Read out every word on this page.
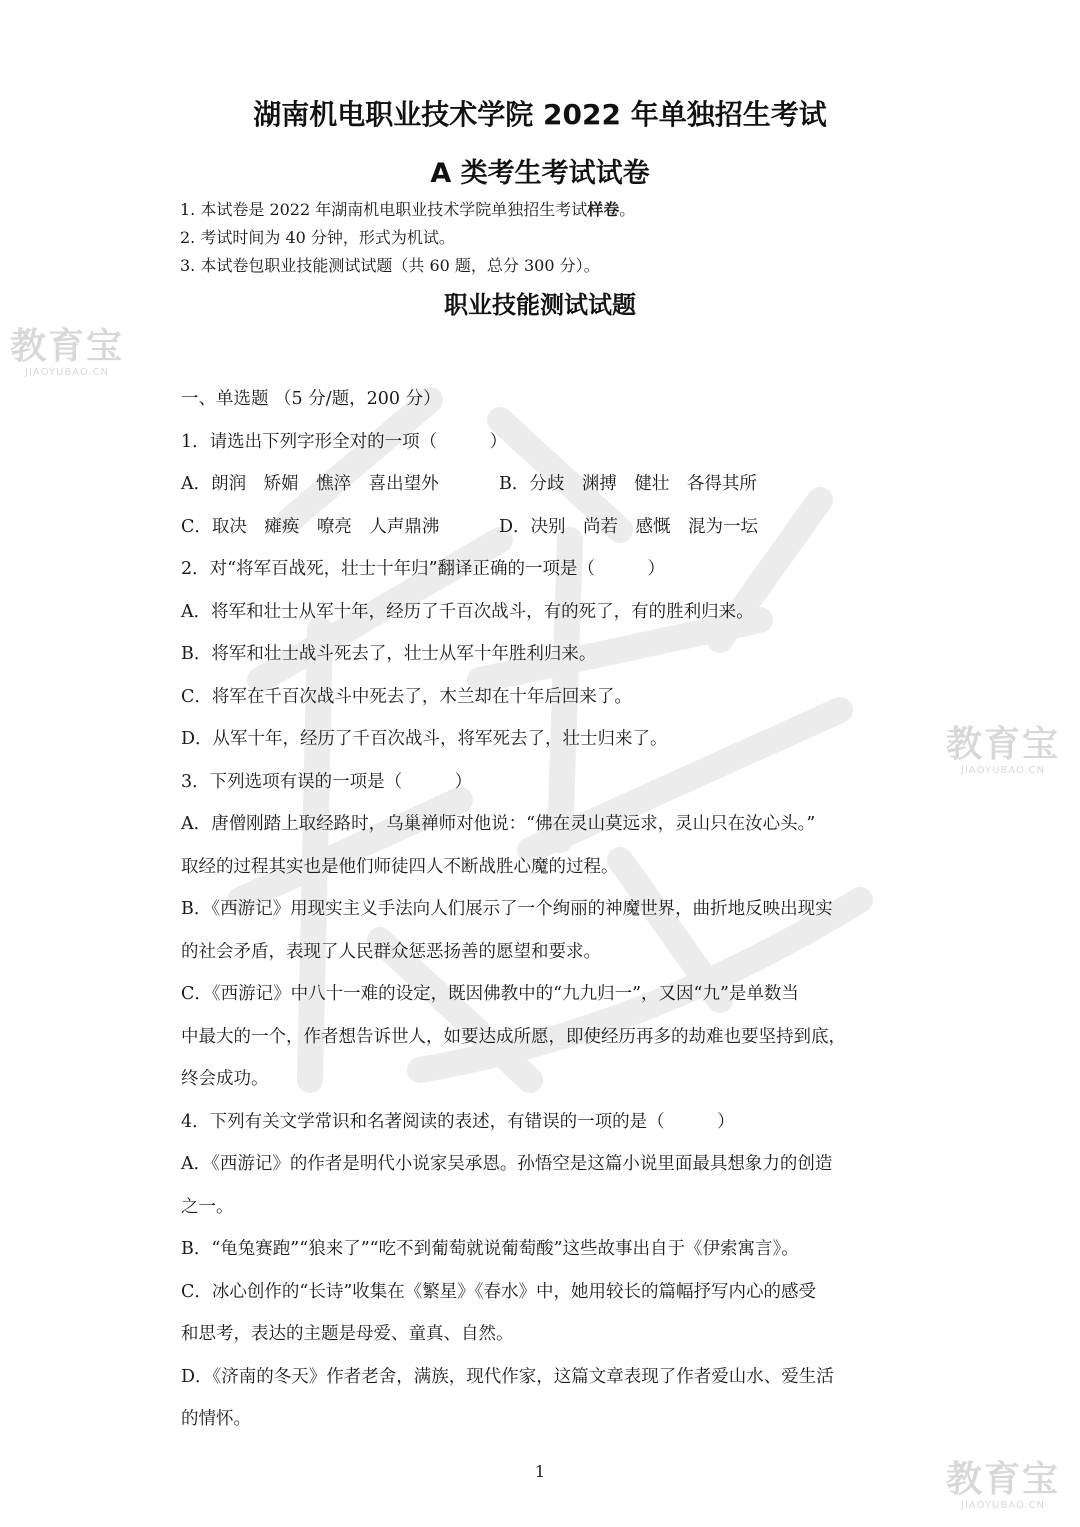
教育宝
JIAOYUBAO.CN
教育宝
JIAOYUBAO.CN
教育宝
JIAOYUBAO.CN
湖南机电职业技术学院 2022 年单独招生考试
A 类考生考试试卷
1. 本试卷是 2022 年湖南机电职业技术学院单独招生考试样卷。
2. 考试时间为 40 分钟，形式为机试。
3. 本试卷包职业技能测试试题（共 60 题，总分 300 分）。
职业技能测试试题
一、单选题 （5 分/题，200 分）
1．请选出下列字形全对的一项（　　　）
A．朗润　矫媚　憔淬　喜出望外	B．分歧　渊搏　健壮　各得其所
C．取决　瘫痪　嘹亮　人声鼎沸	D．决别　尚若　感慨　混为一坛
2．对“将军百战死，壮士十年归”翻译正确的一项是（　　　）
A．将军和壮士从军十年，经历了千百次战斗，有的死了，有的胜利归来。
B．将军和壮士战斗死去了，壮士从军十年胜利归来。
C．将军在千百次战斗中死去了，木兰却在十年后回来了。
D．从军十年，经历了千百次战斗，将军死去了，壮士归来了。
3．下列选项有误的一项是（　　　）
A．唐僧刚踏上取经路时，乌巢禅师对他说：“佛在灵山莫远求，灵山只在汝心头。”
取经的过程其实也是他们师徒四人不断战胜心魔的过程。
B．《西游记》用现实主义手法向人们展示了一个绚丽的神魔世界，曲折地反映出现实
的社会矛盾，表现了人民群众惩恶扬善的愿望和要求。
C．《西游记》中八十一难的设定，既因佛教中的“九九归一”，又因“九”是单数当
中最大的一个，作者想告诉世人，如要达成所愿，即使经历再多的劫难也要坚持到底，
终会成功。
4．下列有关文学常识和名著阅读的表述，有错误的一项的是（　　　）
A．《西游记》的作者是明代小说家吴承恩。孙悟空是这篇小说里面最具想象力的创造
之一。
B．“龟兔赛跑”“狼来了”“吃不到葡萄就说葡萄酸”这些故事出自于《伊索寓言》。
C．冰心创作的“长诗”收集在《繁星》《春水》中，她用较长的篇幅抒写内心的感受
和思考，表达的主题是母爱、童真、自然。
D．《济南的冬天》作者老舍，满族，现代作家，这篇文章表现了作者爱山水、爱生活
的情怀。
1
